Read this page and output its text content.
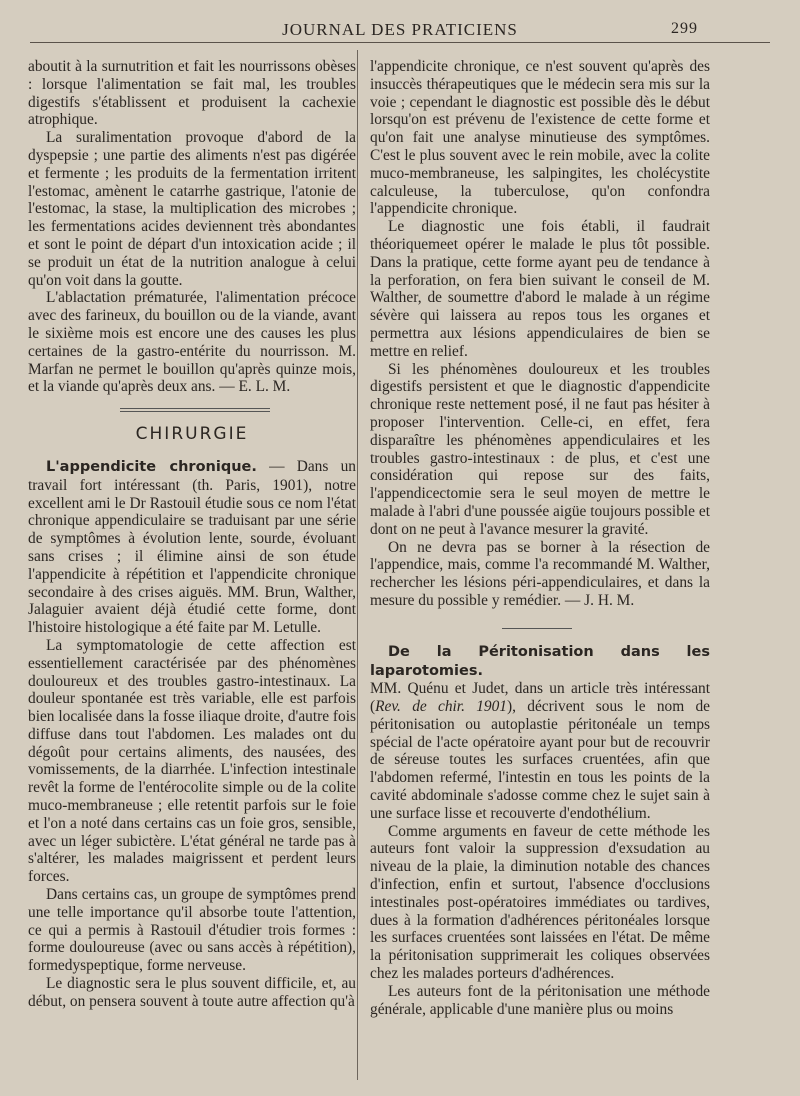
JOURNAL DES PRATICIENS	299

aboutit à la surnutrition et fait les nourrissons obèses : lorsque l'alimentation se fait mal, les troubles digestifs s'établissent et produisent la cachexie atrophique.

La suralimentation provoque d'abord de la dyspepsie ; une partie des aliments n'est pas digérée et fermente ; les produits de la fermentation irritent l'estomac, amènent le catarrhe gastrique, l'atonie de l'estomac, la stase, la multiplication des microbes ; les fermentations acides deviennent très abondantes et sont le point de départ d'un intoxication acide ; il se produit un état de la nutrition analogue à celui qu'on voit dans la goutte.

L'ablactation prématurée, l'alimentation précoce avec des farineux, du bouillon ou de la viande, avant le sixième mois est encore une des causes les plus certaines de la gastro-entérite du nourrisson. M. Marfan ne permet le bouillon qu'après quinze mois, et la viande qu'après deux ans. — E. L. M.

CHIRURGIE

L'appendicite chronique. — Dans un travail fort intéressant (th. Paris, 1901), notre excellent ami le Dr Rastouil étudie sous ce nom l'état chronique appendiculaire se traduisant par une série de symptômes à évolution lente, sourde, évoluant sans crises ; il élimine ainsi de son étude l'appendicite à répétition et l'appendicite chronique secondaire à des crises aiguës. MM. Brun, Walther, Jalaguier avaient déjà étudié cette forme, dont l'histoire histologique a été faite par M. Letulle.

La symptomatologie de cette affection est essentiellement caractérisée par des phénomènes douloureux et des troubles gastro-intestinaux. La douleur spontanée est très variable, elle est parfois bien localisée dans la fosse iliaque droite, d'autre fois diffuse dans tout l'abdomen. Les malades ont du dégoût pour certains aliments, des nausées, des vomissements, de la diarrhée. L'infection intestinale revêt la forme de l'entérocolite simple ou de la colite muco-membraneuse ; elle retentit parfois sur le foie et l'on a noté dans certains cas un foie gros, sensible, avec un léger subictère. L'état général ne tarde pas à s'altérer, les malades maigrissent et perdent leurs forces.

Dans certains cas, un groupe de symptômes prend une telle importance qu'il absorbe toute l'attention, ce qui a permis à Rastouil d'étudier trois formes : forme douloureuse (avec ou sans accès à répétition), formedyspeptique, forme nerveuse.

Le diagnostic sera le plus souvent difficile, et, au début, on pensera souvent à toute autre affection qu'à

l'appendicite chronique, ce n'est souvent qu'après des insuccès thérapeutiques que le médecin sera mis sur la voie ; cependant le diagnostic est possible dès le début lorsqu'on est prévenu de l'existence de cette forme et qu'on fait une analyse minutieuse des symptômes. C'est le plus souvent avec le rein mobile, avec la colite muco-membraneuse, les salpingites, les cholécystite calculeuse, la tuberculose, qu'on confondra l'appendicite chronique.

Le diagnostic une fois établi, il faudrait théoriquemeet opérer le malade le plus tôt possible. Dans la pratique, cette forme ayant peu de tendance à la perforation, on fera bien suivant le conseil de M. Walther, de soumettre d'abord le malade à un régime sévère qui laissera au repos tous les organes et permettra aux lésions appendiculaires de bien se mettre en relief.

Si les phénomènes douloureux et les troubles digestifs persistent et que le diagnostic d'appendicite chronique reste nettement posé, il ne faut pas hésiter à proposer l'intervention. Celle-ci, en effet, fera disparaître les phénomènes appendiculaires et les troubles gastro-intestinaux : de plus, et c'est une considération qui repose sur des faits, l'appendicectomie sera le seul moyen de mettre le malade à l'abri d'une poussée aigüe toujours possible et dont on ne peut à l'avance mesurer la gravité.

On ne devra pas se borner à la résection de l'appendice, mais, comme l'a recommandé M. Walther, rechercher les lésions péri-appendiculaires, et dans la mesure du possible y remédier. — J. H. M.

De la Péritonisation dans les laparotomies.

MM. Quénu et Judet, dans un article très intéressant (Rev. de chir. 1901), décrivent sous le nom de péritonisation ou autoplastie péritonéale un temps spécial de l'acte opératoire ayant pour but de recouvrir de séreuse toutes les surfaces cruentées, afin que l'abdomen refermé, l'intestin en tous les points de la cavité abdominale s'adosse comme chez le sujet sain à une surface lisse et recouverte d'endothélium.

Comme arguments en faveur de cette méthode les auteurs font valoir la suppression d'exsudation au niveau de la plaie, la diminution notable des chances d'infection, enfin et surtout, l'absence d'occlusions intestinales post-opératoires immédiates ou tardives, dues à la formation d'adhérences péritonéales lorsque les surfaces cruentées sont laissées en l'état. De même la péritonisation supprimerait les coliques observées chez les malades porteurs d'adhérences.

Les auteurs font de la péritonisation une méthode générale, applicable d'une manière plus ou moins
